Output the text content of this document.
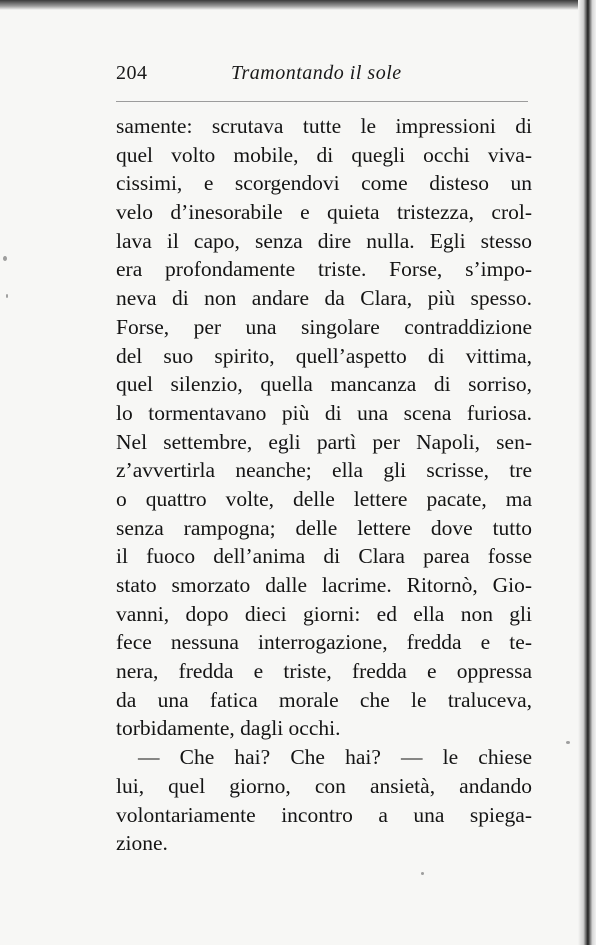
204	Tramontando il sole
samente: scrutava tutte le impressioni di
quel volto mobile, di quegli occhi viva-
cissimi, e scorgendovi come disteso un
velo d’inesorabile e quieta tristezza, crol-
lava il capo, senza dire nulla. Egli stesso
era profondamente triste. Forse, s’impo-
neva di non andare da Clara, più spesso.
Forse, per una singolare contraddizione
del suo spirito, quell’aspetto di vittima,
quel silenzio, quella mancanza di sorriso,
lo tormentavano più di una scena furiosa.
Nel settembre, egli partì per Napoli, sen-
z’avvertirla neanche; ella gli scrisse, tre
o quattro volte, delle lettere pacate, ma
senza rampogna; delle lettere dove tutto
il fuoco dell’anima di Clara parea fosse
stato smorzato dalle lacrime. Ritornò, Gio-
vanni, dopo dieci giorni: ed ella non gli
fece nessuna interrogazione, fredda e te-
nera, fredda e triste, fredda e oppressa
da una fatica morale che le traluceva,
torbidamente, dagli occhi.
— Che hai? Che hai? — le chiese
lui, quel giorno, con ansietà, andando
volontariamente incontro a una spiega-
zione.
